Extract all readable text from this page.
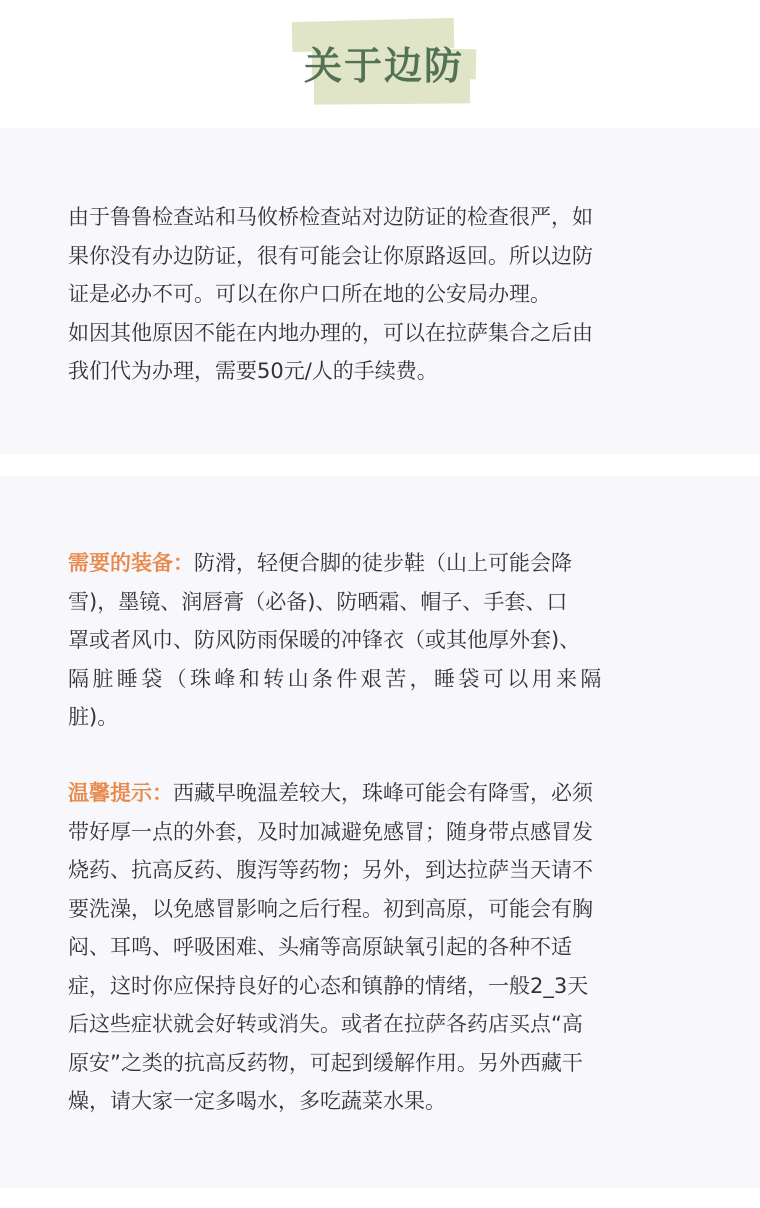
关于边防
由于鲁鲁检查站和马攸桥检查站对边防证的检查很严，如
果你没有办边防证，很有可能会让你原路返回。所以边防
证是必办不可。可以在你户口所在地的公安局办理。
如因其他原因不能在内地办理的，可以在拉萨集合之后由
我们代为办理，需要50元/人的手续费。
需要的装备：防滑，轻便合脚的徒步鞋（山上可能会降
雪)，墨镜、润唇膏（必备)、防晒霜、帽子、手套、口
罩或者风巾、防风防雨保暖的冲锋衣（或其他厚外套)、
隔脏睡袋（珠峰和转山条件艰苦，睡袋可以用来隔
脏)。
温馨提示：西藏早晚温差较大，珠峰可能会有降雪，必须
带好厚一点的外套，及时加减避免感冒；随身带点感冒发
烧药、抗高反药、腹泻等药物；另外，到达拉萨当天请不
要洗澡，以免感冒影响之后行程。初到高原，可能会有胸
闷、耳鸣、呼吸困难、头痛等高原缺氧引起的各种不适
症，这时你应保持良好的心态和镇静的情绪，一般2_3天
后这些症状就会好转或消失。或者在拉萨各药店买点“高
原安”之类的抗高反药物，可起到缓解作用。另外西藏干
燥，请大家一定多喝水，多吃蔬菜水果。
